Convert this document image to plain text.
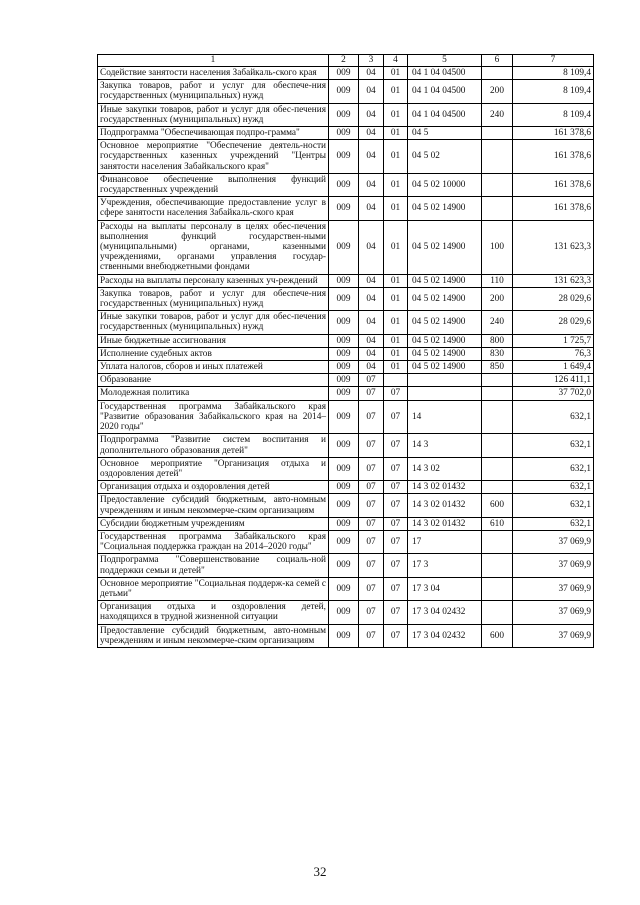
1	2	3	4	5	6	7
Содействие занятости населения Забайкаль-ского края	009	04	01	04 1 04 04500		8 109,4
Закупка товаров, работ и услуг для обеспече-ния государственных (муниципальных) нужд	009	04	01	04 1 04 04500	200	8 109,4
Иные закупки товаров, работ и услуг для обес-печения государственных (муниципальных) нужд	009	04	01	04 1 04 04500	240	8 109,4
Подпрограмма "Обеспечивающая подпро-грамма"	009	04	01	04 5		161 378,6
Основное мероприятие "Обеспечение деятель-ности государственных казенных учреждений "Центры занятости населения Забайкальского края"	009	04	01	04 5 02		161 378,6
Финансовое обеспечение выполнения функций государственных учреждений	009	04	01	04 5 02 10000		161 378,6
Учреждения, обеспечивающие предоставление услуг в сфере занятости населения Забайкаль-ского края	009	04	01	04 5 02 14900		161 378,6
Расходы на выплаты персоналу в целях обес-печения выполнения функций государствен-ными (муниципальными) органами, казенными учреждениями, органами управления государ-ственными внебюджетными фондами	009	04	01	04 5 02 14900	100	131 623,3
Расходы на выплаты персоналу казенных уч-реждений	009	04	01	04 5 02 14900	110	131 623,3
Закупка товаров, работ и услуг для обеспече-ния государственных (муниципальных) нужд	009	04	01	04 5 02 14900	200	28 029,6
Иные закупки товаров, работ и услуг для обес-печения государственных (муниципальных) нужд	009	04	01	04 5 02 14900	240	28 029,6
Иные бюджетные ассигнования	009	04	01	04 5 02 14900	800	1 725,7
Исполнение судебных актов	009	04	01	04 5 02 14900	830	76,3
Уплата налогов, сборов и иных платежей	009	04	01	04 5 02 14900	850	1 649,4
Образование	009	07				126 411,1
Молодежная политика	009	07	07			37 702,0
Государственная программа Забайкальского края "Развитие образования Забайкальского края на 2014–2020 годы"	009	07	07	14		632,1
Подпрограмма "Развитие систем воспитания и дополнительного образования детей"	009	07	07	14 3		632,1
Основное мероприятие "Организация отдыха и оздоровления детей"	009	07	07	14 3 02		632,1
Организация отдыха и оздоровления детей	009	07	07	14 3 02 01432		632,1
Предоставление субсидий бюджетным, авто-номным учреждениям и иным некоммерче-ским организациям	009	07	07	14 3 02 01432	600	632,1
Субсидии бюджетным учреждениям	009	07	07	14 3 02 01432	610	632,1
Государственная программа Забайкальского края "Социальная поддержка граждан на 2014–2020 годы"	009	07	07	17		37 069,9
Подпрограмма "Совершенствование социаль-ной поддержки семьи и детей"	009	07	07	17 3		37 069,9
Основное мероприятие "Социальная поддерж-ка семей с детьми"	009	07	07	17 3 04		37 069,9
Организация отдыха и оздоровления детей, находящихся в трудной жизненной ситуации	009	07	07	17 3 04 02432		37 069,9
Предоставление субсидий бюджетным, авто-номным учреждениям и иным некоммерче-ским организациям	009	07	07	17 3 04 02432	600	37 069,9
32
